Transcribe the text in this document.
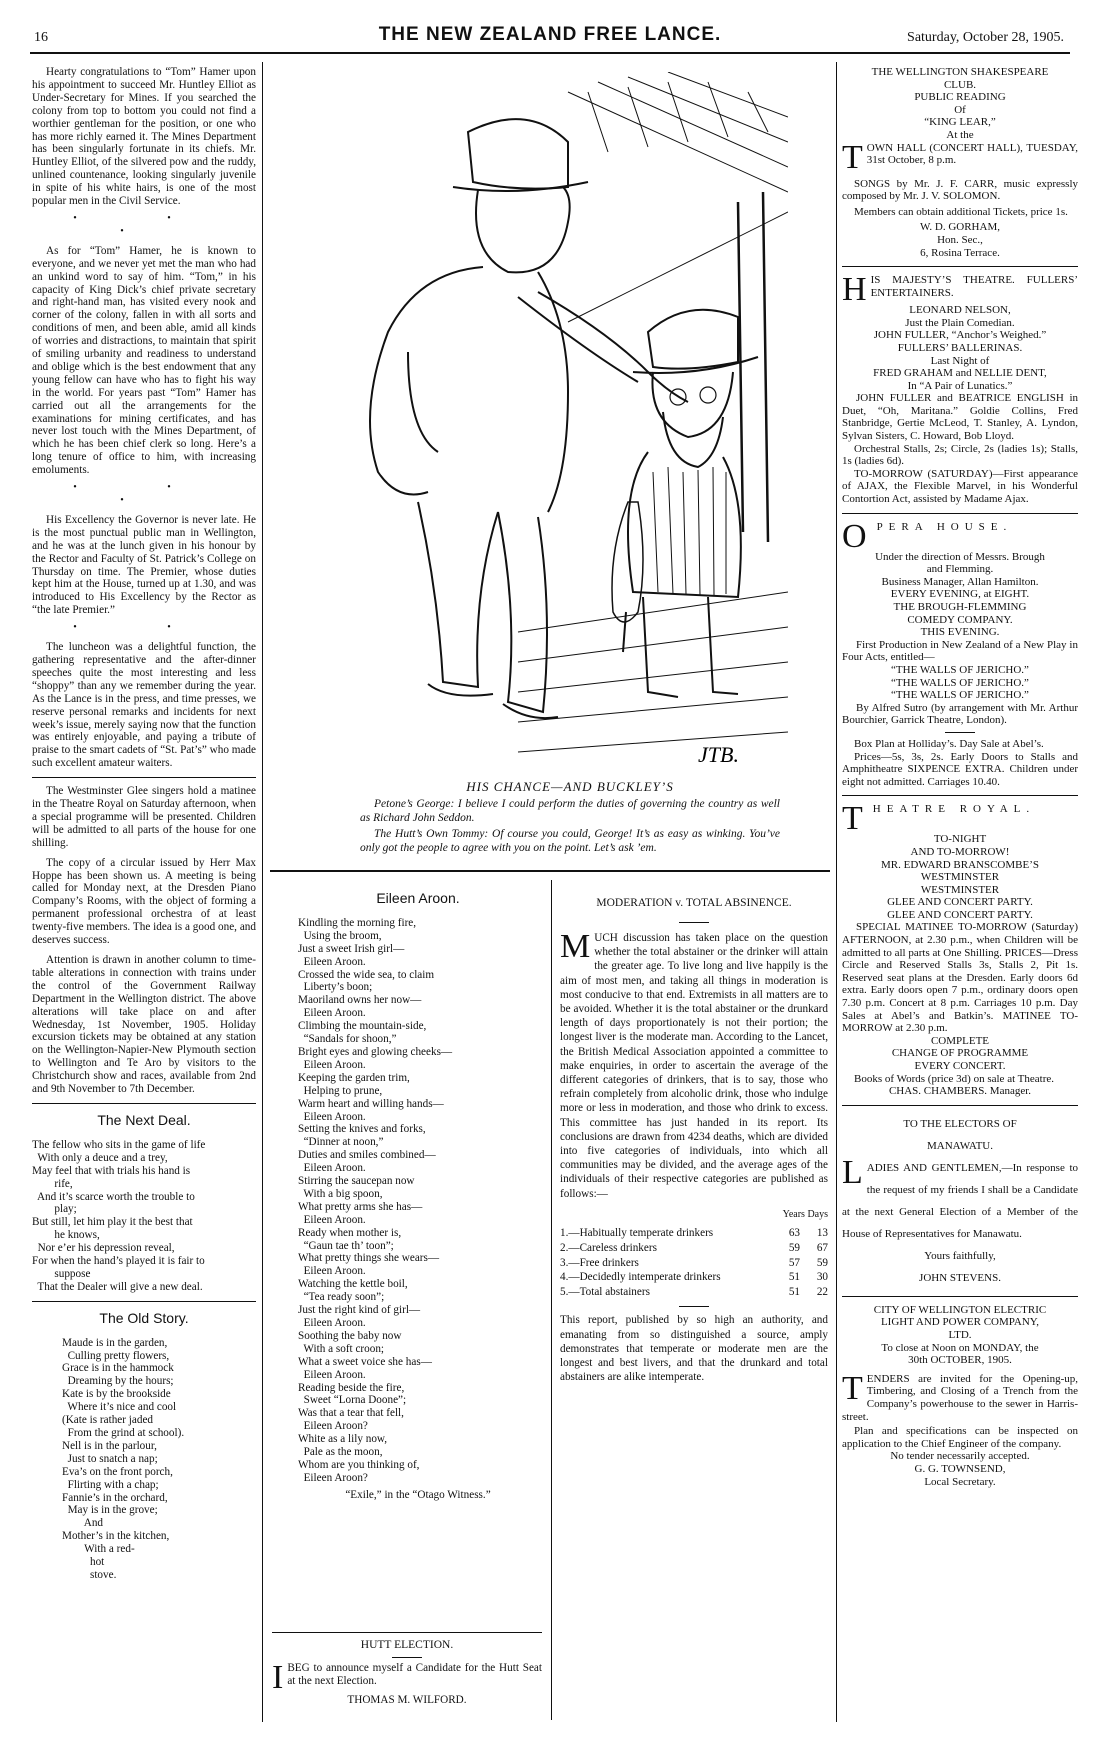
16	THE NEW ZEALAND FREE LANCE.	Saturday, October 28, 1905.

Hearty congratulations to “Tom” Hamer upon his appointment to succeed Mr. Huntley Elliot as Under-Secretary for Mines. If you searched the colony from top to bottom you could not find a worthier gentleman for the position, or one who has more richly earned it. The Mines Department has been singularly fortunate in its chiefs. Mr. Huntley Elliot, of the silvered pow and the ruddy, unlined countenance, looking singularly juvenile in spite of his white hairs, is one of the most popular men in the Civil Service.

• • •

As for “Tom” Hamer, he is known to everyone, and we never yet met the man who had an unkind word to say of him. “Tom,” in his capacity of King Dick’s chief private secretary and right-hand man, has visited every nook and corner of the colony, fallen in with all sorts and conditions of men, and been able, amid all kinds of worries and distractions, to maintain that spirit of smiling urbanity and readiness to understand and oblige which is the best endowment that any young fellow can have who has to fight his way in the world. For years past “Tom” Hamer has carried out all the arrangements for the examinations for mining certificates, and has never lost touch with the Mines Department, of which he has been chief clerk so long. Here’s a long tenure of office to him, with increasing emoluments.

• • •

His Excellency the Governor is never late. He is the most punctual public man in Wellington, and he was at the lunch given in his honour by the Rector and Faculty of St. Patrick’s College on Thursday on time. The Premier, whose duties kept him at the House, turned up at 1.30, and was introduced to His Excellency by the Rector as “the late Premier.”

• •

The luncheon was a delightful function, the gathering representative and the after-dinner speeches quite the most interesting and less “shoppy” than any we remember during the year. As the Lance is in the press, and time presses, we reserve personal remarks and incidents for next week’s issue, merely saying now that the function was entirely enjoyable, and paying a tribute of praise to the smart cadets of “St. Pat’s” who made such excellent amateur waiters.

The Westminster Glee singers hold a matinee in the Theatre Royal on Saturday afternoon, when a special programme will be presented. Children will be admitted to all parts of the house for one shilling.

The copy of a circular issued by Herr Max Hoppe has been shown us. A meeting is being called for Monday next, at the Dresden Piano Company’s Rooms, with the object of forming a permanent professional orchestra of at least twenty-five members. The idea is a good one, and deserves success.

Attention is drawn in another column to time-table alterations in connection with trains under the control of the Government Railway Department in the Wellington district. The above alterations will take place on and after Wednesday, 1st November, 1905. Holiday excursion tickets may be obtained at any station on the Wellington-Napier-New Plymouth section to Wellington and Te Aro by visitors to the Christchurch show and races, available from 2nd and 9th November to 7th December.

The Next Deal.
The fellow who sits in the game of life
With only a deuce and a trey,
May feel that with trials his hand is
rife,
And it’s scarce worth the trouble to
play;
But still, let him play it the best that
he knows,
Nor e’er his depression reveal,
For when the hand’s played it is fair to
suppose
That the Dealer will give a new deal.
The Old Story.
Maude is in the garden,
Culling pretty flowers,
Grace is in the hammock
Dreaming by the hours;
Kate is by the brookside
Where it’s nice and cool
(Kate is rather jaded
From the grind at school).
Nell is in the parlour,
Just to snatch a nap;
Eva’s on the front porch,
Flirting with a chap;
Fannie’s in the orchard,
May is in the grove;
And
Mother’s in the kitchen,
With a red-
hot
stove.
JTB.
HIS CHANCE—AND BUCKLEY’S

Petone’s George: I believe I could perform the duties of governing the country as well as Richard John Seddon.

The Hutt’s Own Tommy: Of course you could, George! It’s as easy as winking. You’ve only got the people to agree with you on the point. Let’s ask ’em.

Eileen Aroon.
Kindling the morning fire,
Using the broom,
Just a sweet Irish girl—
Eileen Aroon.
Crossed the wide sea, to claim
Liberty’s boon;
Maoriland owns her now—
Eileen Aroon.
Climbing the mountain-side,
“Sandals for shoon,”
Bright eyes and glowing cheeks—
Eileen Aroon.
Keeping the garden trim,
Helping to prune,
Warm heart and willing hands—
Eileen Aroon.
Setting the knives and forks,
“Dinner at noon,”
Duties and smiles combined—
Eileen Aroon.
Stirring the saucepan now
With a big spoon,
What pretty arms she has—
Eileen Aroon.
Ready when mother is,
“Gaun tae th’ toon”;
What pretty things she wears—
Eileen Aroon.
Watching the kettle boil,
“Tea ready soon”;
Just the right kind of girl—
Eileen Aroon.
Soothing the baby now
With a soft croon;
What a sweet voice she has—
Eileen Aroon.
Reading beside the fire,
Sweet “Lorna Doone”;
Was that a tear that fell,
Eileen Aroon?
White as a lily now,
Pale as the moon,
Whom are you thinking of,
Eileen Aroon?
“Exile,” in the “Otago Witness.”
HUTT ELECTION.
IBEG to announce myself a Candidate for the Hutt Seat at the next Election.
THOMAS M. WILFORD.
MODERATION v. TOTAL ABSINENCE.
MUCH discussion has taken place on the question whether the total abstainer or the drinker will attain the greater age. To live long and live happily is the aim of most men, and taking all things in moderation is most conducive to that end. Extremists in all matters are to be avoided. Whether it is the total abstainer or the drunkard length of days proportionately is not their portion; the longest liver is the moderate man. According to the Lancet, the British Medical Association appointed a committee to make enquiries, in order to ascertain the average of the different categories of drinkers, that is to say, those who refrain completely from alcoholic drink, those who indulge more or less in moderation, and those who drink to excess. This committee has just handed in its report. Its conclusions are drawn from 4234 deaths, which are divided into five categories of individuals, into which all communities may be divided, and the average ages of the individuals of their respective categories are published as follows:—
Years Days
1.—Habitually temperate drinkers	63	13
2.—Careless drinkers	59	67
3.—Free drinkers	57	59
4.—Decidedly intemperate drinkers	51	30
5.—Total abstainers	51	22
This report, published by so high an authority, and emanating from so distinguished a source, amply demonstrates that temperate or moderate men are the longest and best livers, and that the drunkard and total abstainers are alike intemperate.
THE WELLINGTON SHAKESPEARE
CLUB.
PUBLIC READING
Of
“KING LEAR,”
At the
TOWN HALL (CONCERT HALL), TUESDAY, 31st October, 8 p.m.

SONGS by Mr. J. F. CARR, music expressly composed by Mr. J. V. SOLOMON.

Members can obtain additional Tickets, price 1s.

W. D. GORHAM,
Hon. Sec.,
6, Rosina Terrace.
HIS MAJESTY’S THEATRE. FULLERS’ ENTERTAINERS.
LEONARD NELSON,
Just the Plain Comedian.
JOHN FULLER, “Anchor’s Weighed.”
FULLERS’ BALLERINAS.
Last Night of
FRED GRAHAM and NELLIE DENT,
In “A Pair of Lunatics.”

JOHN FULLER and BEATRICE ENGLISH in Duet, “Oh, Maritana.” Goldie Collins, Fred Stanbridge, Gertie McLeod, T. Stanley, A. Lyndon, Sylvan Sisters, C. Howard, Bob Lloyd.

Orchestral Stalls, 2s; Circle, 2s (ladies 1s); Stalls, 1s (ladies 6d).

TO-MORROW (SATURDAY)—First appearance of AJAX, the Flexible Marvel, in his Wonderful Contortion Act, assisted by Madame Ajax.

OPERA HOUSE.
Under the direction of Messrs. Brough
and Flemming.
Business Manager, Allan Hamilton.
EVERY EVENING, at EIGHT.
THE BROUGH-FLEMMING
COMEDY COMPANY.
THIS EVENING.

First Production in New Zealand of a New Play in Four Acts, entitled—

“THE WALLS OF JERICHO.”
“THE WALLS OF JERICHO.”
“THE WALLS OF JERICHO.”

By Alfred Sutro (by arrangement with Mr. Arthur Bourchier, Garrick Theatre, London).

Box Plan at Holliday’s. Day Sale at Abel’s.

Prices—5s, 3s, 2s. Early Doors to Stalls and Amphitheatre SIXPENCE EXTRA. Children under eight not admitted. Carriages 10.40.

THEATRE ROYAL.
TO-NIGHT
AND TO-MORROW!
MR. EDWARD BRANSCOMBE’S
WESTMINSTER
WESTMINSTER
GLEE AND CONCERT PARTY.
GLEE AND CONCERT PARTY.

SPECIAL MATINEE TO-MORROW (Saturday) AFTERNOON, at 2.30 p.m., when Children will be admitted to all parts at One Shilling. PRICES—Dress Circle and Reserved Stalls 3s, Stalls 2, Pit 1s. Reserved seat plans at the Dresden. Early doors 6d extra. Early doors open 7 p.m., ordinary doors open 7.30 p.m. Concert at 8 p.m. Carriages 10 p.m. Day Sales at Abel’s and Batkin’s. MATINEE TO-MORROW at 2.30 p.m.

COMPLETE
CHANGE OF PROGRAMME
EVERY CONCERT.

Books of Words (price 3d) on sale at Theatre.

CHAS. CHAMBERS. Manager.
TO THE ELECTORS OF
MANAWATU.
LADIES AND GENTLEMEN,—In response to the request of my friends I shall be a Candidate at the next General Election of a Member of the House of Representatives for Manawatu.
Yours faithfully,
JOHN STEVENS.
CITY OF WELLINGTON ELECTRIC
LIGHT AND POWER COMPANY,
LTD.
To close at Noon on MONDAY, the
30th OCTOBER, 1905.
TENDERS are invited for the Opening-up, Timbering, and Closing of a Trench from the Company’s powerhouse to the sewer in Harris-street.

Plan and specifications can be inspected on application to the Chief Engineer of the company.

No tender necessarily accepted.
G. G. TOWNSEND,
Local Secretary.
